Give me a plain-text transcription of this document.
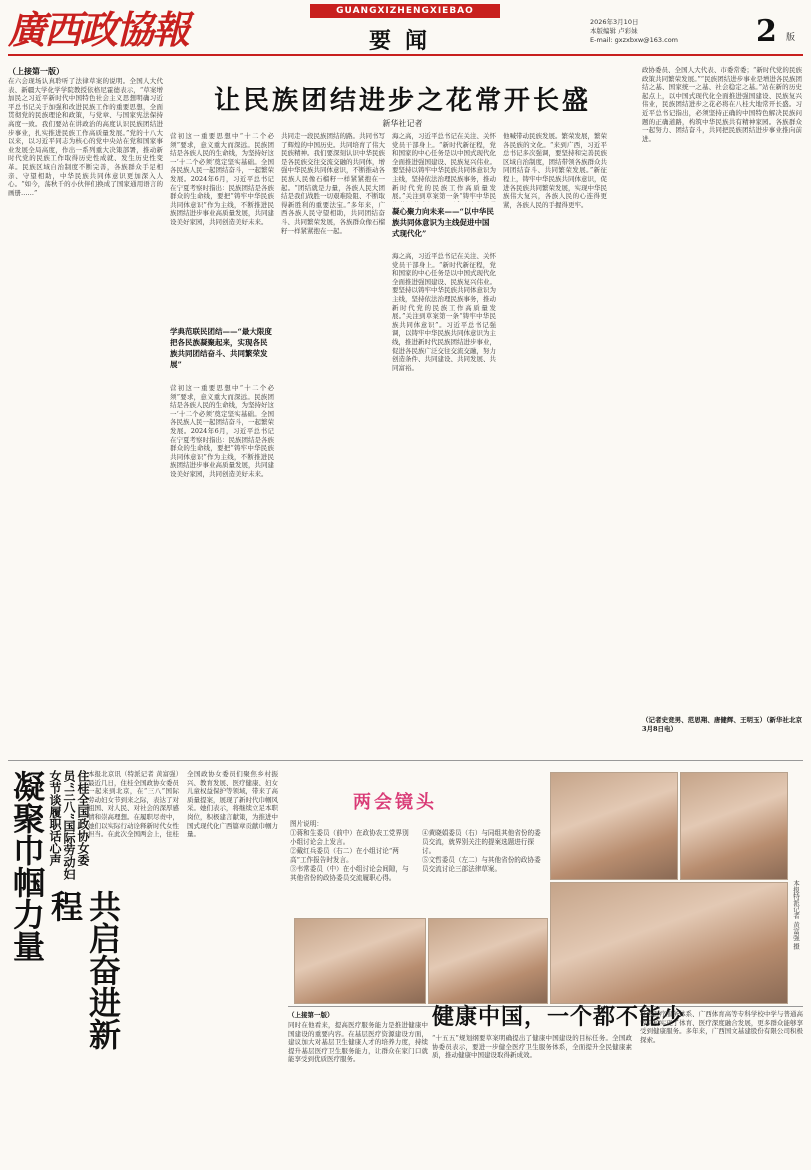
廣西政協報	GUANGXIZHENGXIEBAO
要闻
2026年3月10日
本版编辑 卢彩妹
E-mail: gxzxbxw@163.com	2 版
让民族团结进步之花常开长盛
新华社记者
（上接第一版）
在六会现场认真聆听了法律草案的说明。全国人大代表、新疆大学化学学院教授依格尼霍德表示，“草案增加民之习近平新时代中国特色社会主义思想明确习近平总书记关于加强和改进民族工作的重要思想，全面贯彻党的民族理论和政策，与党章、与国家宪法保持高度一致。我们要站在讲政治的高度认识民族团结进步事业，扎实推进民族工作高质量发展。”党的十八大以来，以习近平同志为核心的党中央站在党和国家事业发展全局高度，作出一系列重大决策部署，推动新时代党的民族工作取得历史性成就、发生历史性变革。民族区域自治制度不断完善，各族群众手足相亲、守望相助，中华民族共同体意识更加深入人心。“如今，荡秋千的小伙伴们换成了国家通用语言的画册……”
营初这一重要思想中“十二个必须”要求，意义重大而深远。民族团结是各族人民的生命线，为坚持好这一‘十二个必须’奠定坚实基础。全国各民族人民一起团结奋斗，一起繁荣发展。2024年6月，习近平总书记在宁夏考察时指出：民族团结是各族群众的生命线，要把“铸牢中华民族共同体意识”作为主线，不断推进民族团结进步事业高质量发展，共同建设美好家园，共同创造美好未来。
学典范联民团结——“最大限度把各民族凝聚起来，实现各民族共同团结奋斗、共同繁荣发展”
营初这一重要思想中“十二个必须”要求，意义重大而深远。民族团结是各族人民的生命线，为坚持好这一‘十二个必须’奠定坚实基础。全国各民族人民一起团结奋斗，一起繁荣发展。2024年6月，习近平总书记在宁夏考察时指出：民族团结是各族群众的生命线，要把“铸牢中华民族共同体意识”作为主线，不断推进民族团结进步事业高质量发展，共同建设美好家园，共同创造美好未来。
共同走一段民族团结的路。共同书写了辉煌的中国历史。共同培育了伟大民族精神。我们要深刻认识中华民族是各民族交往交流交融的共同体，增强中华民族共同体意识，不断推动各民族人民像石榴籽一样紧紧抱在一起。“团结就是力量，各族人民大团结是我们战胜一切艰难险阻、不断取得新胜利的重要法宝。”多年来，广西各族人民守望相助，共同团结奋斗、共同繁荣发展，各族群众像石榴籽一样紧紧抱在一起。
海之高，习近平总书记在关注、关怀党员干部身上。“新时代新征程，党和国家的中心任务是以中国式现代化全面推进强国建设、民族复兴伟业。要坚持以铸牢中华民族共同体意识为主线，坚持依法治理民族事务，推动新时代党的民族工作高质量发展。”关注到草案第一条“铸牢中华民
凝心聚力向未来——“以中华民族共同体意识为主线促进中国式现代化”
海之高，习近平总书记在关注、关怀党员干部身上。“新时代新征程，党和国家的中心任务是以中国式现代化全面推进强国建设、民族复兴伟业。要坚持以铸牢中华民族共同体意识为主线，坚持依法治理民族事务，推动新时代党的民族工作高质量发展。”关注到草案第一条“铸牢中华民族共同体意识”。习近平总书记强调，以铸牢中华民族共同体意识为主线，推进新时代民族团结进步事业，促进各民族广泛交往交流交融，努力创造条件、共同建设、共同发展、共同富裕。
他喊带动民族发展。繁荣发展，繁荣各民族的文化。“来到广西，习近平总书记多次强调，要坚持和完善民族区域自治制度，团结带领各族群众共同团结奋斗、共同繁荣发展。”新征程上，铸牢中华民族共同体意识，促进各民族共同繁荣发展，实现中华民族伟大复兴，各族人民的心连得更紧，各族人民的手握得更牢。
政协委员、全国人大代表、市委常委；“新时代党的民族政策共同繁荣发展。”“民族团结进步事业是增进各民族团结之基、国家统一之基、社会稳定之基。”站在新的历史起点上，以中国式现代化全面推进强国建设、民族复兴伟业，民族团结进步之花必将在八桂大地常开长盛。习近平总书记指出，必须坚持正确的中国特色解决民族问题的正确道路，构筑中华民族共有精神家园。各族群众一起努力、团结奋斗，共同把民族团结进步事业推向前进。
（记者史竞男、范思翔、唐健辉、王明玉）（新华社北京3月8日电）
凝聚巾帼力量
共启奋进新程
住桂全国政协女委员“三八”国际劳动妇女节谈履职话心声	本报北京讯（特派记者 黄富强）最近几日，住桂全国政协女委员一起来到北京，在“三八”国际劳动妇女节到来之际，表达了对祖国、对人民、对社会的深厚感情和崇高理想。在履职尽责中，她们以实际行动诠释新时代女性担当。在此次全国两会上，住桂全国政协女委员们聚焦乡村振兴、教育发展、医疗健康、妇女儿童权益保护等领域，带来了高质量提案，展现了新时代巾帼风采。她们表示，将继续立足本职岗位，积极建言献策，为推进中国式现代化广西篇章贡献巾帼力量。
两会镜头
图片说明：
①蒋和生委员（前中）在政协农工党界别小组讨论会上发言。
②戴红兵委员（右二）在小组讨论“两高”工作报告时发言。
③韦常委员（中）在小组讨论会间隙，与其他省份的政协委员交流履职心得。
④黄晓娟委员（右）与同组其他省份的委员交流，就界别关注的提案选题进行探讨。
⑤文哲委员（左二）与其他省份的政协委员交流讨论三部法律草案。
本报特派记者 黄富强 摄
（上接第一版）
同时在他看来，提高医疗服务能力是推进健康中国建设的重要内容。在基层医疗资源建设方面，建议加大对基层卫生健康人才的培养力度，持续提升基层医疗卫生服务能力，让群众在家门口就能享受到优质医疗服务。
健康中国，一个都不能少
“十五五”规划纲要草案明确提出了健康中国建设的目标任务。全国政协委员表示，要进一步健全医疗卫生服务体系，全面提升全民健康素质，推动健康中国建设取得新成效。
桂仑医疗服务体系、广西体育高等专科学校中学与普通高等院校实现了体育、医疗深度融合发展，更多群众能够享受到健康服务。多年来，广西国文基建股份有限公司积极探索。
